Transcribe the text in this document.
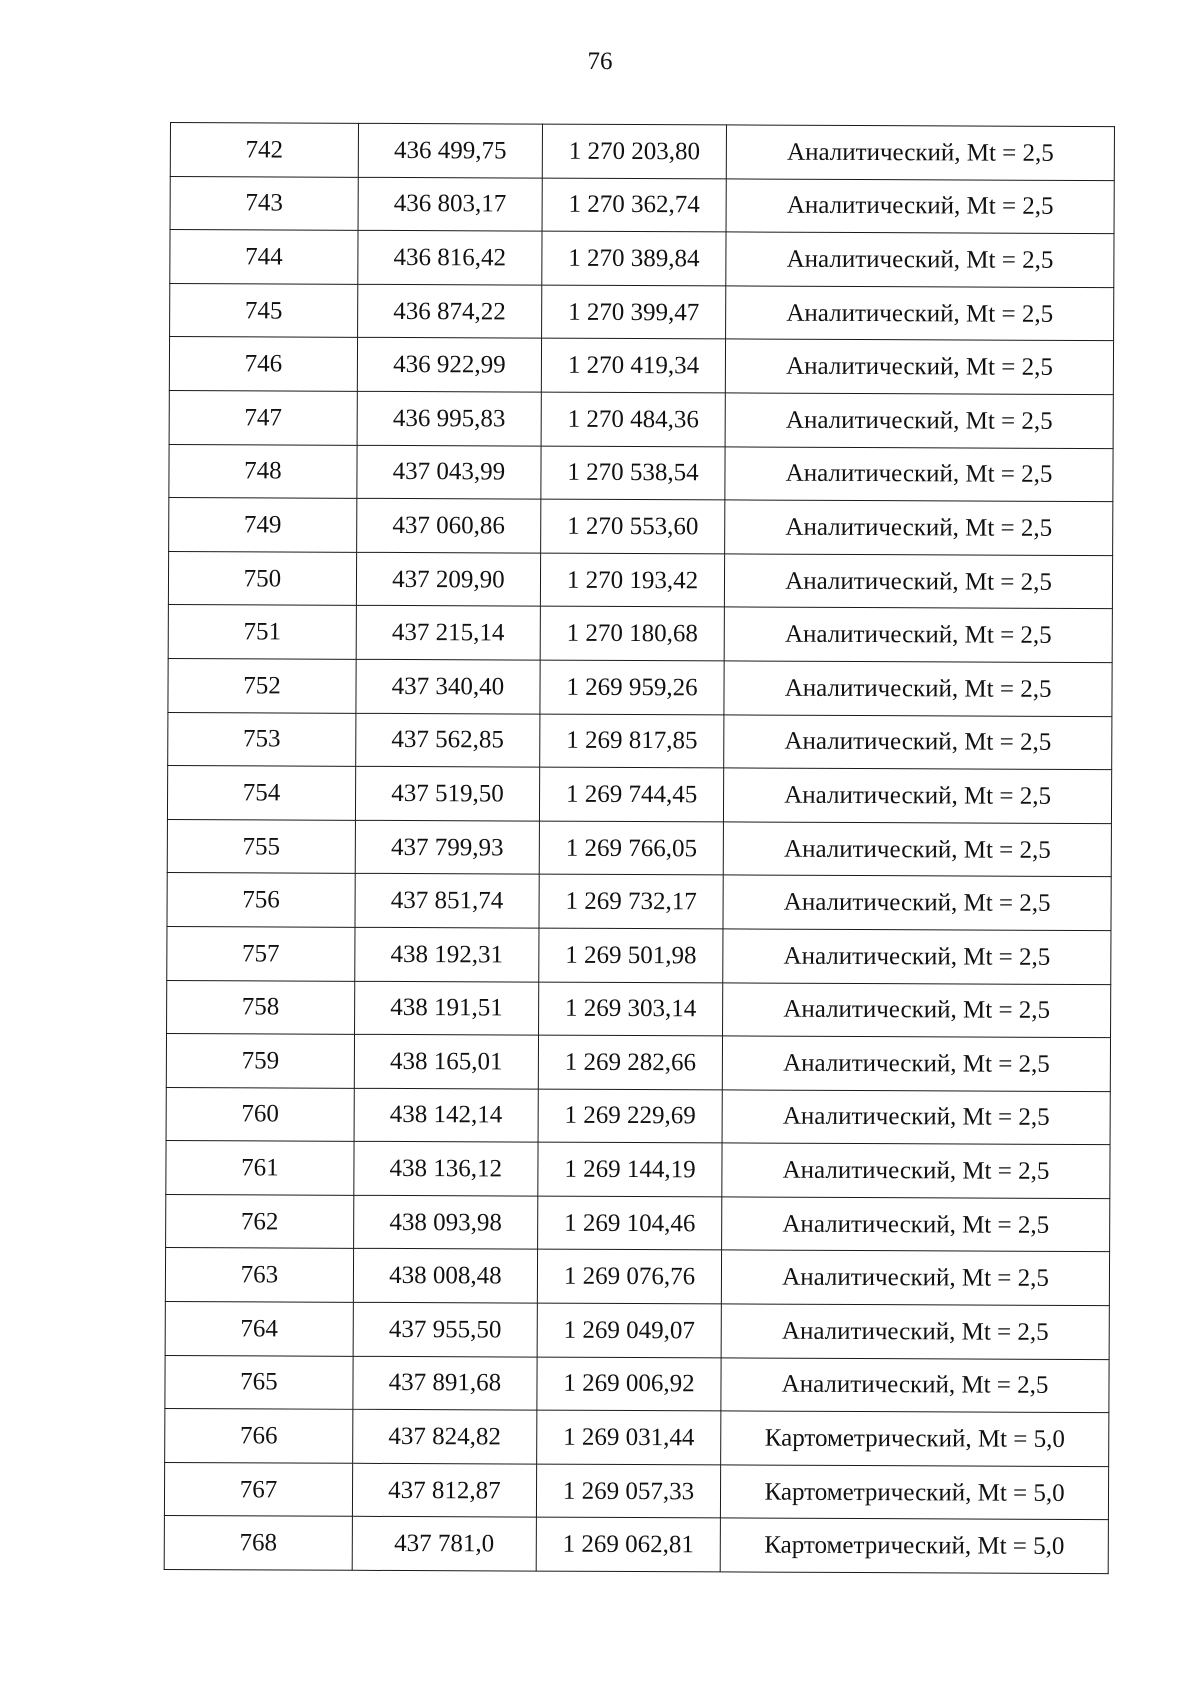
76
742	436 499,75	1 270 203,80	Аналитический, Mt = 2,5
743	436 803,17	1 270 362,74	Аналитический, Mt = 2,5
744	436 816,42	1 270 389,84	Аналитический, Mt = 2,5
745	436 874,22	1 270 399,47	Аналитический, Mt = 2,5
746	436 922,99	1 270 419,34	Аналитический, Mt = 2,5
747	436 995,83	1 270 484,36	Аналитический, Mt = 2,5
748	437 043,99	1 270 538,54	Аналитический, Mt = 2,5
749	437 060,86	1 270 553,60	Аналитический, Mt = 2,5
750	437 209,90	1 270 193,42	Аналитический, Mt = 2,5
751	437 215,14	1 270 180,68	Аналитический, Mt = 2,5
752	437 340,40	1 269 959,26	Аналитический, Mt = 2,5
753	437 562,85	1 269 817,85	Аналитический, Mt = 2,5
754	437 519,50	1 269 744,45	Аналитический, Mt = 2,5
755	437 799,93	1 269 766,05	Аналитический, Mt = 2,5
756	437 851,74	1 269 732,17	Аналитический, Mt = 2,5
757	438 192,31	1 269 501,98	Аналитический, Mt = 2,5
758	438 191,51	1 269 303,14	Аналитический, Mt = 2,5
759	438 165,01	1 269 282,66	Аналитический, Mt = 2,5
760	438 142,14	1 269 229,69	Аналитический, Mt = 2,5
761	438 136,12	1 269 144,19	Аналитический, Mt = 2,5
762	438 093,98	1 269 104,46	Аналитический, Mt = 2,5
763	438 008,48	1 269 076,76	Аналитический, Mt = 2,5
764	437 955,50	1 269 049,07	Аналитический, Mt = 2,5
765	437 891,68	1 269 006,92	Аналитический, Mt = 2,5
766	437 824,82	1 269 031,44	Картометрический, Mt = 5,0
767	437 812,87	1 269 057,33	Картометрический, Mt = 5,0
768	437 781,0	1 269 062,81	Картометрический, Mt = 5,0
